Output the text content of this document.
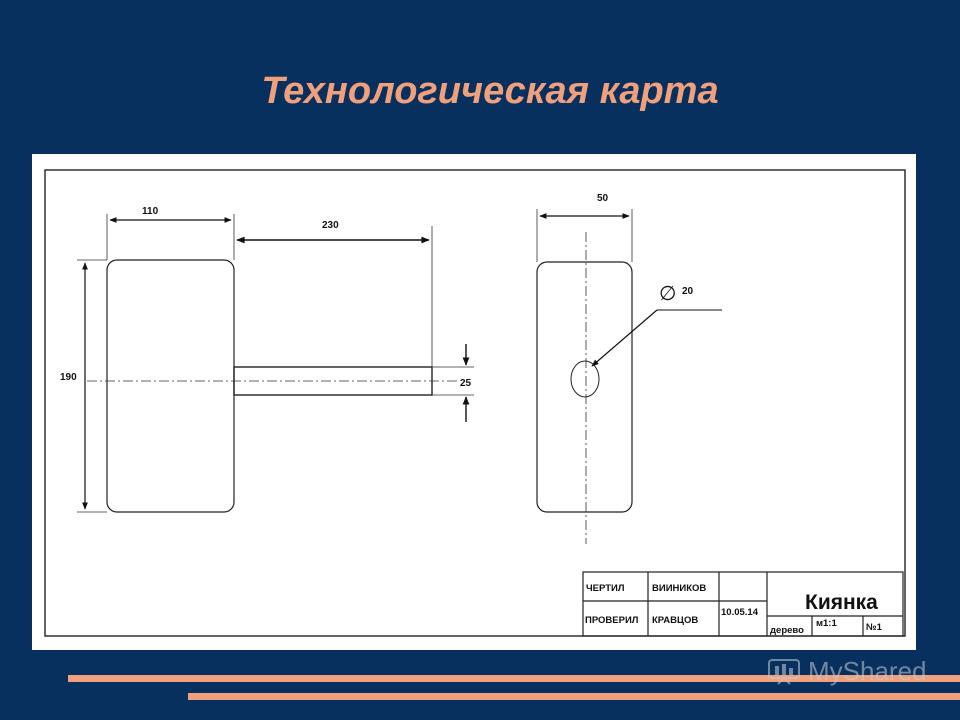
Технологическая карта
110
230
190
25
50
∅ 20
ЧЕРТИЛ	ВИИНИКОВ
ПРОВЕРИЛ КРАВЦОВ
10.05.14 Киянка
дерево
м1:1	№1
MyShared
